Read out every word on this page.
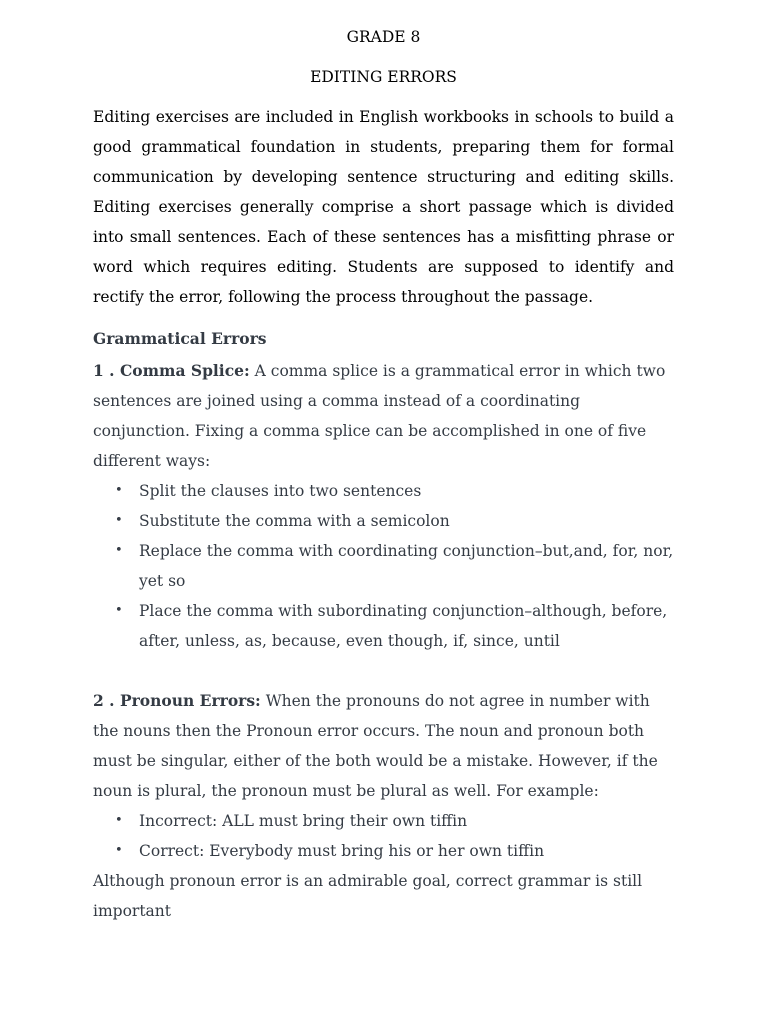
GRADE 8

EDITING ERRORS

Editing exercises are included in English workbooks in schools to build a good grammatical foundation in students, preparing them for formal communication by developing sentence structuring and editing skills. Editing exercises generally comprise a short passage which is divided into small sentences. Each of these sentences has a misfitting phrase or word which requires editing. Students are supposed to identify and rectify the error, following the process throughout the passage.

Grammatical Errors

1 . Comma Splice: A comma splice is a grammatical error in which two sentences are joined using a comma instead of a coordinating conjunction. Fixing a comma splice can be accomplished in one of five different ways:

• Split the clauses into two sentences
• Substitute the comma with a semicolon
• Replace the comma with coordinating conjunction–but,and, for, nor, yet so
• Place the comma with subordinating conjunction–although, before, after, unless, as, because, even though, if, since, until

2 . Pronoun Errors: When the pronouns do not agree in number with the nouns then the Pronoun error occurs. The noun and pronoun both must be singular, either of the both would be a mistake. However, if the noun is plural, the pronoun must be plural as well. For example:

• Incorrect: ALL must bring their own tiffin
• Correct: Everybody must bring his or her own tiffin

Although pronoun error is an admirable goal, correct grammar is still important
